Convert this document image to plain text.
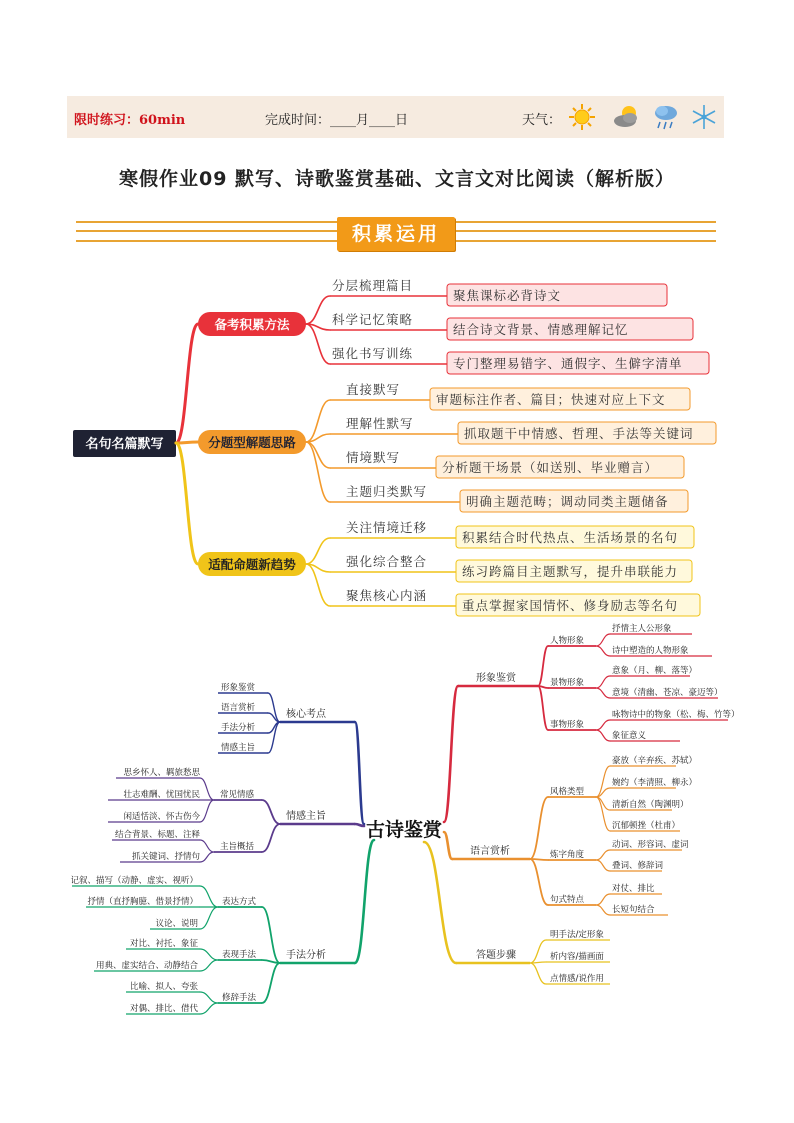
限时练习：60min	完成时间：____月____日	天气：
寒假作业09 默写、诗歌鉴赏基础、文言文对比阅读（解析版）
积累运用
名句名篇默写
备考积累方法
分层梳理篇目
聚焦课标必背诗文
科学记忆策略
结合诗文背景、情感理解记忆
强化书写训练
专门整理易错字、通假字、生僻字清单
分题型解题思路
直接默写
审题标注作者、篇目；快速对应上下文
理解性默写
抓取题干中情感、哲理、手法等关键词
情境默写
分析题干场景（如送别、毕业赠言）
主题归类默写
明确主题范畴；调动同类主题储备
适配命题新趋势
关注情境迁移
积累结合时代热点、生活场景的名句
强化综合整合
练习跨篇目主题默写，提升串联能力
聚焦核心内涵
重点掌握家国情怀、修身励志等名句
古诗鉴赏
核心考点
形象鉴赏
语言赏析
手法分析
情感主旨
情感主旨
常见情感
思乡怀人、羁旅愁思
壮志难酬、忧国忧民
闲适恬淡、怀古伤今
主旨概括
结合背景、标题、注释
抓关键词、抒情句
手法分析
表达方式
记叙、描写（动静、虚实、视听）
抒情（直抒胸臆、借景抒情）
议论、说明
表现手法
对比、衬托、象征
用典、虚实结合、动静结合
修辞手法
比喻、拟人、夸张
对偶、排比、借代
形象鉴赏
人物形象
抒情主人公形象
诗中塑造的人物形象
景物形象
意象（月、柳、落等）
意境（清幽、苍凉、豪迈等）
事物形象
咏物诗中的物象（松、梅、竹等）
象征意义
语言赏析
风格类型
豪放（辛弃疾、苏轼）
婉约（李清照、柳永）
清新自然（陶渊明）
沉郁顿挫（杜甫）
炼字角度
动词、形容词、虚词
叠词、修辞词
句式特点
对仗、排比
长短句结合
答题步骤
明手法/定形象
析内容/描画面
点情感/说作用
